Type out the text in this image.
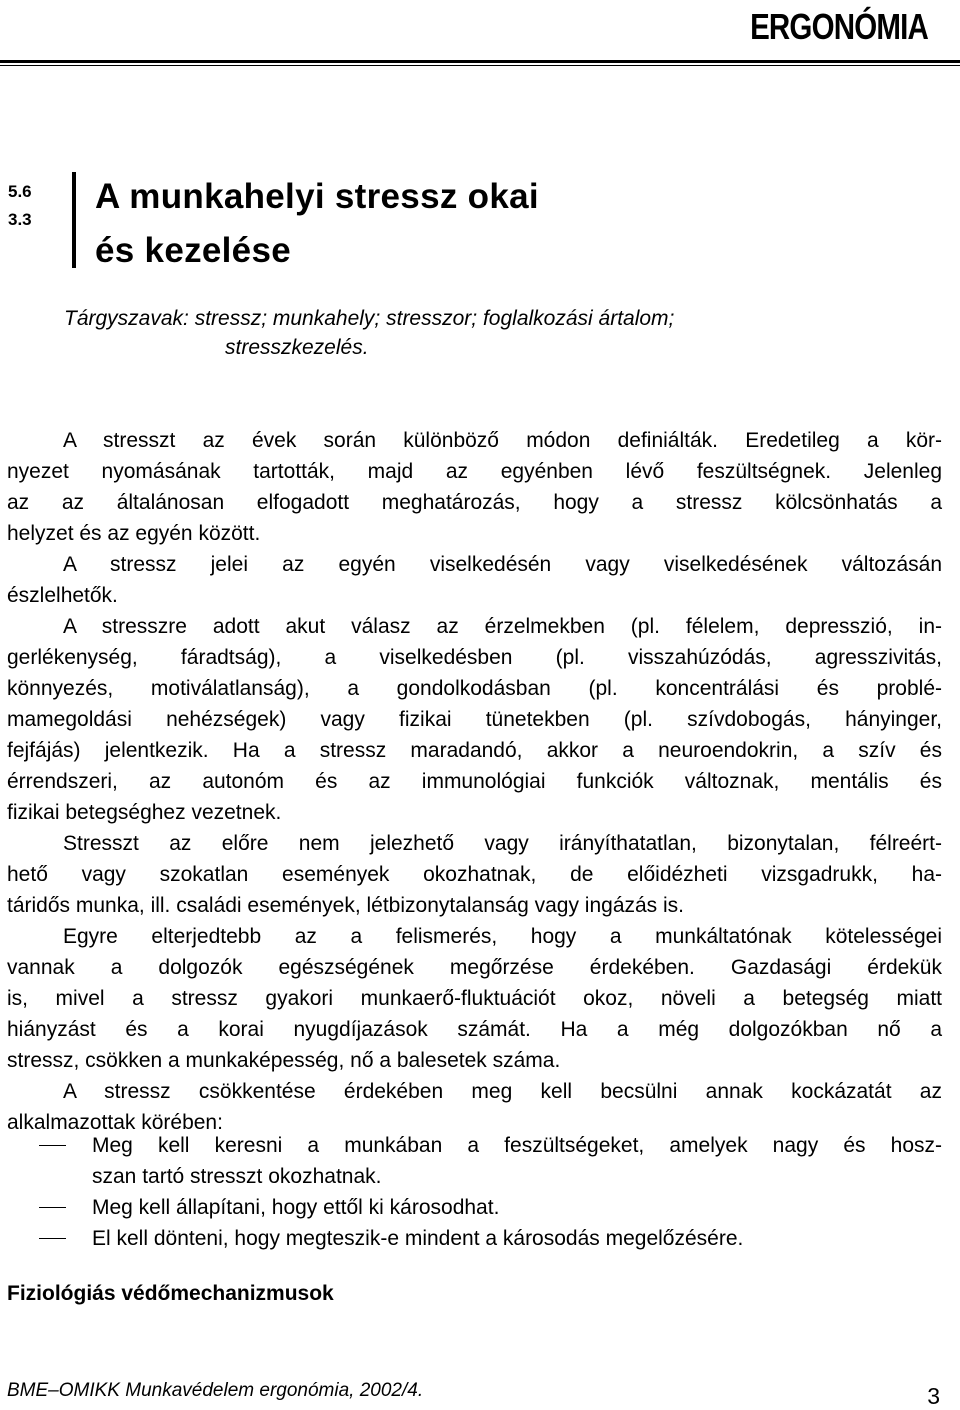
ERGONÓMIA
5.6
3.3
A munkahelyi stressz okai
és kezelése
Tárgyszavak: stressz; munkahely; stresszor; foglalkozási ártalom;
stresszkezelés.
A stresszt az évek során különböző módon definiálták. Eredetileg a kör-
nyezet nyomásának tartották, majd az egyénben lévő feszültségnek. Jelenleg
az az általánosan elfogadott meghatározás, hogy a stressz kölcsönhatás a
helyzet és az egyén között.
A stressz jelei az egyén viselkedésén vagy viselkedésének változásán
észlelhetők.
A stresszre adott akut válasz az érzelmekben (pl. félelem, depresszió, in-
gerlékenység, fáradtság), a viselkedésben (pl. visszahúzódás, agresszivitás,
könnyezés, motiválatlanság), a gondolkodásban (pl. koncentrálási és problé-
mamegoldási nehézségek) vagy fizikai tünetekben (pl. szívdobogás, hányinger,
fejfájás) jelentkezik. Ha a stressz maradandó, akkor a neuroendokrin, a szív és
érrendszeri, az autonóm és az immunológiai funkciók változnak, mentális és
fizikai betegséghez vezetnek.
Stresszt az előre nem jelezhető vagy irányíthatatlan, bizonytalan, félreért-
hető vagy szokatlan események okozhatnak, de előidézheti vizsgadrukk, ha-
táridős munka, ill. családi események, létbizonytalanság vagy ingázás is.
Egyre elterjedtebb az a felismerés, hogy a munkáltatónak kötelességei
vannak a dolgozók egészségének megőrzése érdekében. Gazdasági érdekük
is, mivel a stressz gyakori munkaerő-fluktuációt okoz, növeli a betegség miatt
hiányzást és a korai nyugdíjazások számát. Ha a még dolgozókban nő a
stressz, csökken a munkaképesség, nő a balesetek száma.
A stressz csökkentése érdekében meg kell becsülni annak kockázatát az
alkalmazottak körében:
Meg kell keresni a munkában a feszültségeket, amelyek nagy és hosz-
szan tartó stresszt okozhatnak.
Meg kell állapítani, hogy ettől ki károsodhat.
El kell dönteni, hogy megteszik-e mindent a károsodás megelőzésére.
Fiziológiás védőmechanizmusok

BME–OMIKK Munkavédelem ergonómia, 2002/4.	3
